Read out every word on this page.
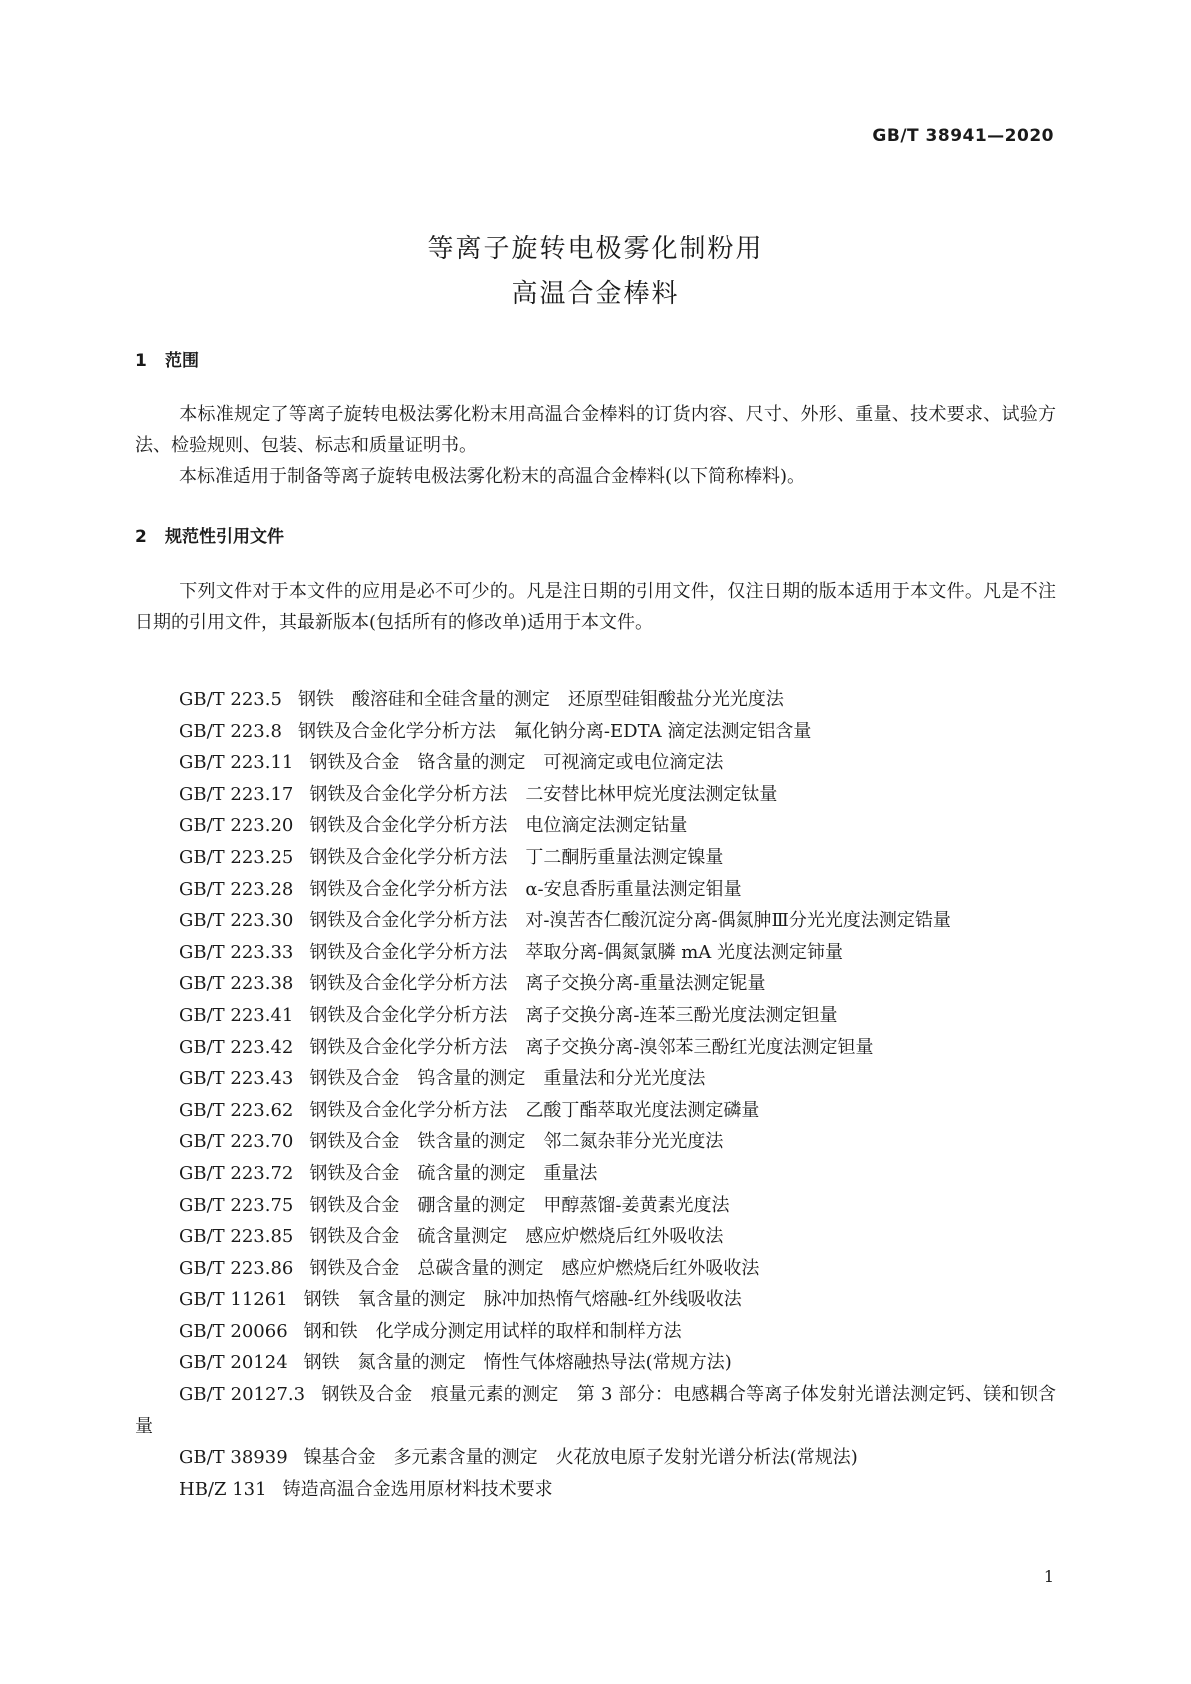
GB/T 38941—2020
等离子旋转电极雾化制粉用
高温合金棒料
1 范围
本标准规定了等离子旋转电极法雾化粉末用高温合金棒料的订货内容、尺寸、外形、重量、技术要求、试验方法、检验规则、包装、标志和质量证明书。
本标准适用于制备等离子旋转电极法雾化粉末的高温合金棒料(以下简称棒料)。
2 规范性引用文件
下列文件对于本文件的应用是必不可少的。凡是注日期的引用文件，仅注日期的版本适用于本文件。凡是不注日期的引用文件，其最新版本(包括所有的修改单)适用于本文件。
GB/T 223.5 钢铁　酸溶硅和全硅含量的测定　还原型硅钼酸盐分光光度法
GB/T 223.8 钢铁及合金化学分析方法　氟化钠分离-EDTA 滴定法测定铝含量
GB/T 223.11 钢铁及合金　铬含量的测定　可视滴定或电位滴定法
GB/T 223.17 钢铁及合金化学分析方法　二安替比林甲烷光度法测定钛量
GB/T 223.20 钢铁及合金化学分析方法　电位滴定法测定钴量
GB/T 223.25 钢铁及合金化学分析方法　丁二酮肟重量法测定镍量
GB/T 223.28 钢铁及合金化学分析方法　α-安息香肟重量法测定钼量
GB/T 223.30 钢铁及合金化学分析方法　对-溴苦杏仁酸沉淀分离-偶氮胂Ⅲ分光光度法测定锆量
GB/T 223.33 钢铁及合金化学分析方法　萃取分离-偶氮氯膦 mA 光度法测定铈量
GB/T 223.38 钢铁及合金化学分析方法　离子交换分离-重量法测定铌量
GB/T 223.41 钢铁及合金化学分析方法　离子交换分离-连苯三酚光度法测定钽量
GB/T 223.42 钢铁及合金化学分析方法　离子交换分离-溴邻苯三酚红光度法测定钽量
GB/T 223.43 钢铁及合金　钨含量的测定　重量法和分光光度法
GB/T 223.62 钢铁及合金化学分析方法　乙酸丁酯萃取光度法测定磷量
GB/T 223.70 钢铁及合金　铁含量的测定　邻二氮杂菲分光光度法
GB/T 223.72 钢铁及合金　硫含量的测定　重量法
GB/T 223.75 钢铁及合金　硼含量的测定　甲醇蒸馏-姜黄素光度法
GB/T 223.85 钢铁及合金　硫含量测定　感应炉燃烧后红外吸收法
GB/T 223.86 钢铁及合金　总碳含量的测定　感应炉燃烧后红外吸收法
GB/T 11261 钢铁　氧含量的测定　脉冲加热惰气熔融-红外线吸收法
GB/T 20066 钢和铁　化学成分测定用试样的取样和制样方法
GB/T 20124 钢铁　氮含量的测定　惰性气体熔融热导法(常规方法)
GB/T 20127.3 钢铁及合金　痕量元素的测定　第 3 部分：电感耦合等离子体发射光谱法测定钙、镁和钡含量
GB/T 38939 镍基合金　多元素含量的测定　火花放电原子发射光谱分析法(常规法)
HB/Z 131 铸造高温合金选用原材料技术要求
1
